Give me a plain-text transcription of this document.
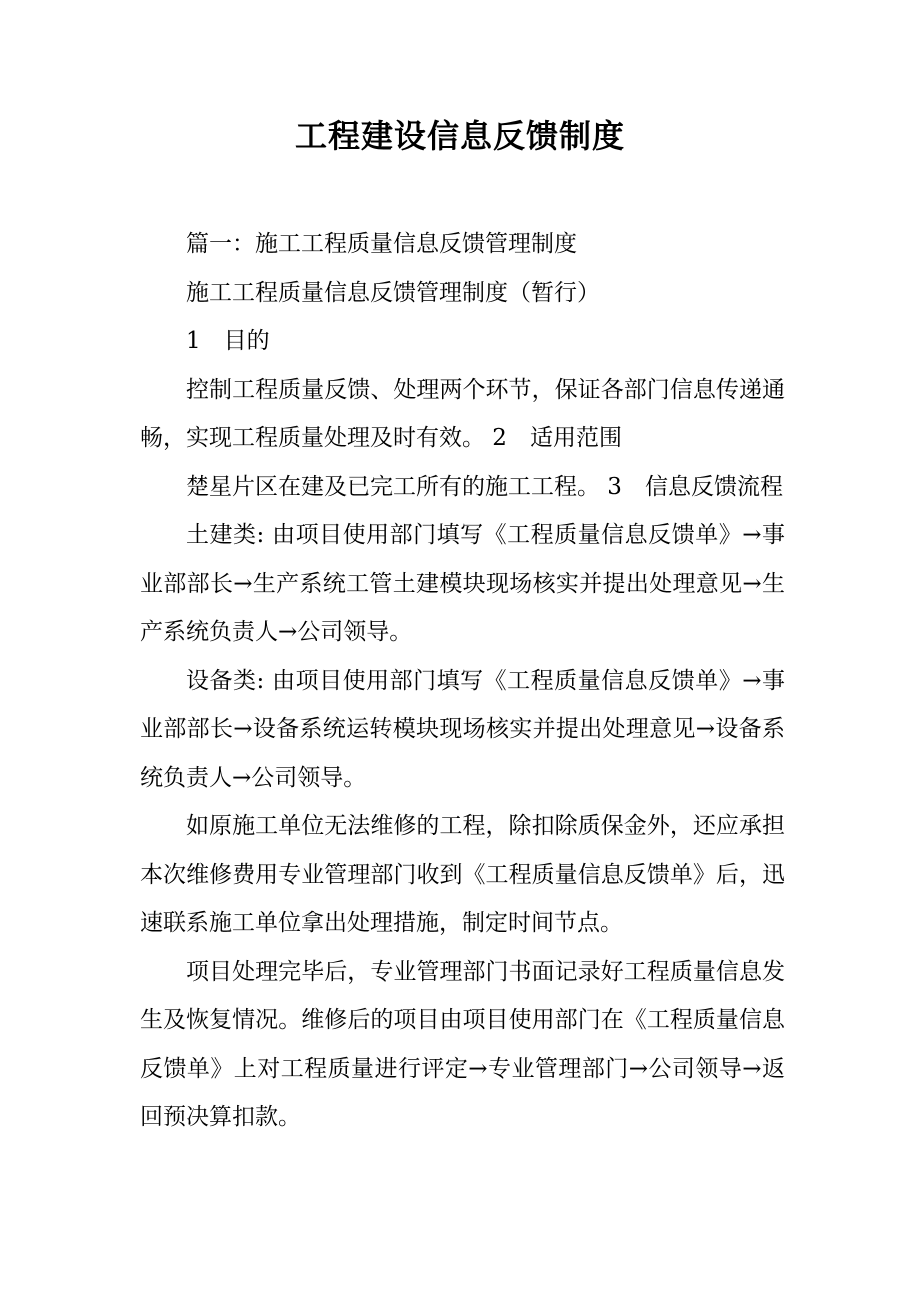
工程建设信息反馈制度

篇一：施工工程质量信息反馈管理制度

施工工程质量信息反馈管理制度（暂行）

1　目的

控制工程质量反馈、处理两个环节，保证各部门信息传递通畅，实现工程质量处理及时有效。 2　适用范围

楚星片区在建及已完工所有的施工工程。 3　信息反馈流程

土建类: 由项目使用部门填写《工程质量信息反馈单》→事业部部长→生产系统工管土建模块现场核实并提出处理意见→生产系统负责人→公司领导。

设备类: 由项目使用部门填写《工程质量信息反馈单》→事业部部长→设备系统运转模块现场核实并提出处理意见→设备系统负责人→公司领导。

如原施工单位无法维修的工程，除扣除质保金外，还应承担本次维修费用专业管理部门收到《工程质量信息反馈单》后，迅速联系施工单位拿出处理措施，制定时间节点。

项目处理完毕后，专业管理部门书面记录好工程质量信息发生及恢复情况。维修后的项目由项目使用部门在《工程质量信息反馈单》上对工程质量进行评定→专业管理部门→公司领导→返回预决算扣款。
